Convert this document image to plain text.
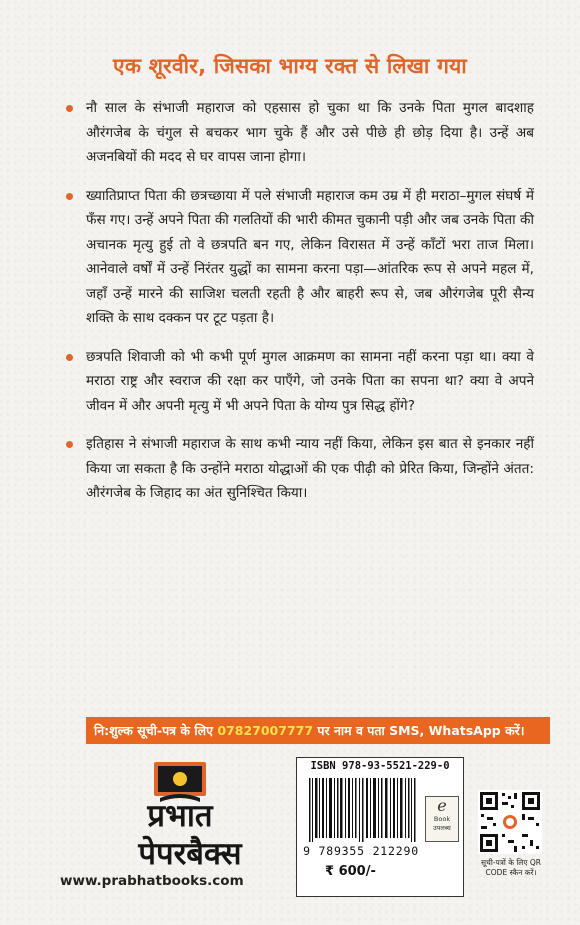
एक शूरवीर, जिसका भाग्य रक्त से लिखा गया
नौ साल के संभाजी महाराज को एहसास हो चुका था कि उनके पिता मुगल बादशाह औरंगजेब के चंगुल से बचकर भाग चुके हैं और उसे पीछे ही छोड़ दिया है। उन्हें अब अजनबियों की मदद से घर वापस जाना होगा।
ख्यातिप्राप्त पिता की छत्रच्छाया में पले संभाजी महाराज कम उम्र में ही मराठा–मुगल संघर्ष में फँस गए। उन्हें अपने पिता की गलतियों की भारी कीमत चुकानी पड़ी और जब उनके पिता की अचानक मृत्यु हुई तो वे छत्रपति बन गए, लेकिन विरासत में उन्हें काँटों भरा ताज मिला। आनेवाले वर्षों में उन्हें निरंतर युद्धों का सामना करना पड़ा—आंतरिक रूप से अपने महल में, जहाँ उन्हें मारने की साजिश चलती रहती है और बाहरी रूप से, जब औरंगजेब पूरी सैन्य शक्ति के साथ दक्कन पर टूट पड़ता है।
छत्रपति शिवाजी को भी कभी पूर्ण मुगल आक्रमण का सामना नहीं करना पड़ा था। क्या वे मराठा राष्ट्र और स्वराज की रक्षा कर पाएँगे, जो उनके पिता का सपना था? क्या वे अपने जीवन में और अपनी मृत्यु में भी अपने पिता के योग्य पुत्र सिद्ध होंगे?
इतिहास ने संभाजी महाराज के साथ कभी न्याय नहीं किया, लेकिन इस बात से इनकार नहीं किया जा सकता है कि उन्होंने मराठा योद्धाओं की एक पीढ़ी को प्रेरित किया, जिन्होंने अंतत: औरंगजेब के जिहाद का अंत सुनिश्चित किया।
नि:शुल्क सूची-पत्र के लिए 07827007777 पर नाम व पता SMS, WhatsApp करें।
प्रभात
पेपरबैक्स
www.prabhatbooks.com
ISBN 978-93-5521-229-0
9 789355 212290
₹ 600/-
e
Book
उपलब्ध
सूची-पत्रों के लिए QR CODE स्कैन करें।
